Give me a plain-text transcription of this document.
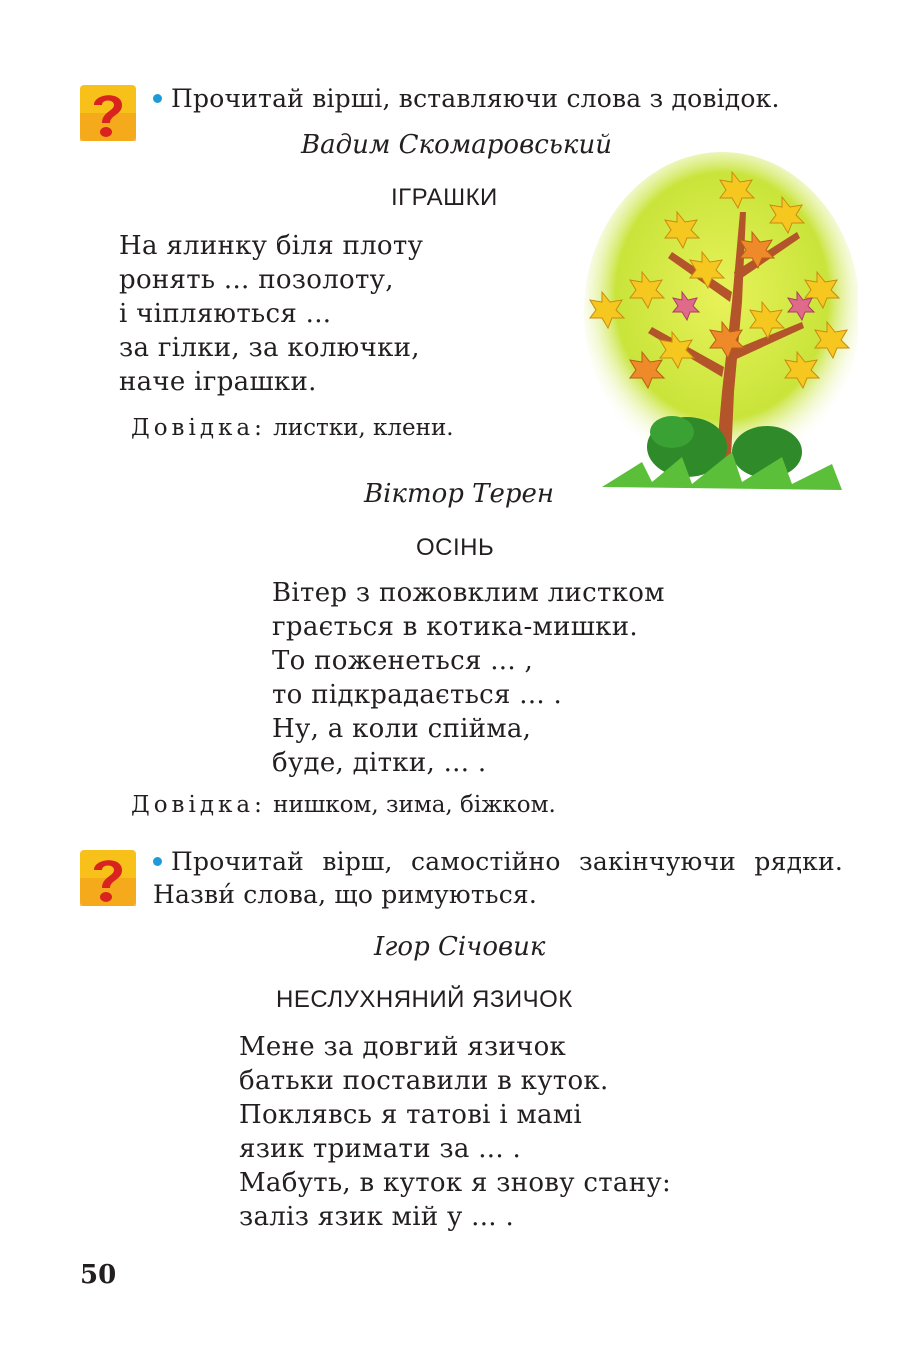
Прочитай вірші, вставляючи слова з довідок.
Вадим Скомаровський
ІГРАШКИ
На ялинку біля плоту
ронять ... позолоту,
і чіпляються ...
за гілки, за колючки,
наче іграшки.
Довідка: листки, клени.
Віктор Терен
ОСІНЬ
Вітер з пожовклим листком
грається в котика-мишки.
То поженеться ... ,
то підкрадається ... .
Ну, а коли спійма,
буде, дітки, ... .
Довідка: нишком, зима, біжком.
Прочитай вірш, самостійно закінчуючи рядки.
Назви́ слова, що римуються.
Ігор Січовик
НЕСЛУХНЯНИЙ ЯЗИЧОК
Мене за довгий язичок
батьки поставили в куток.
Поклявсь я татові і мамі
язик тримати за ... .
Мабуть, в куток я знову стану:
заліз язик мій у ... .
50
